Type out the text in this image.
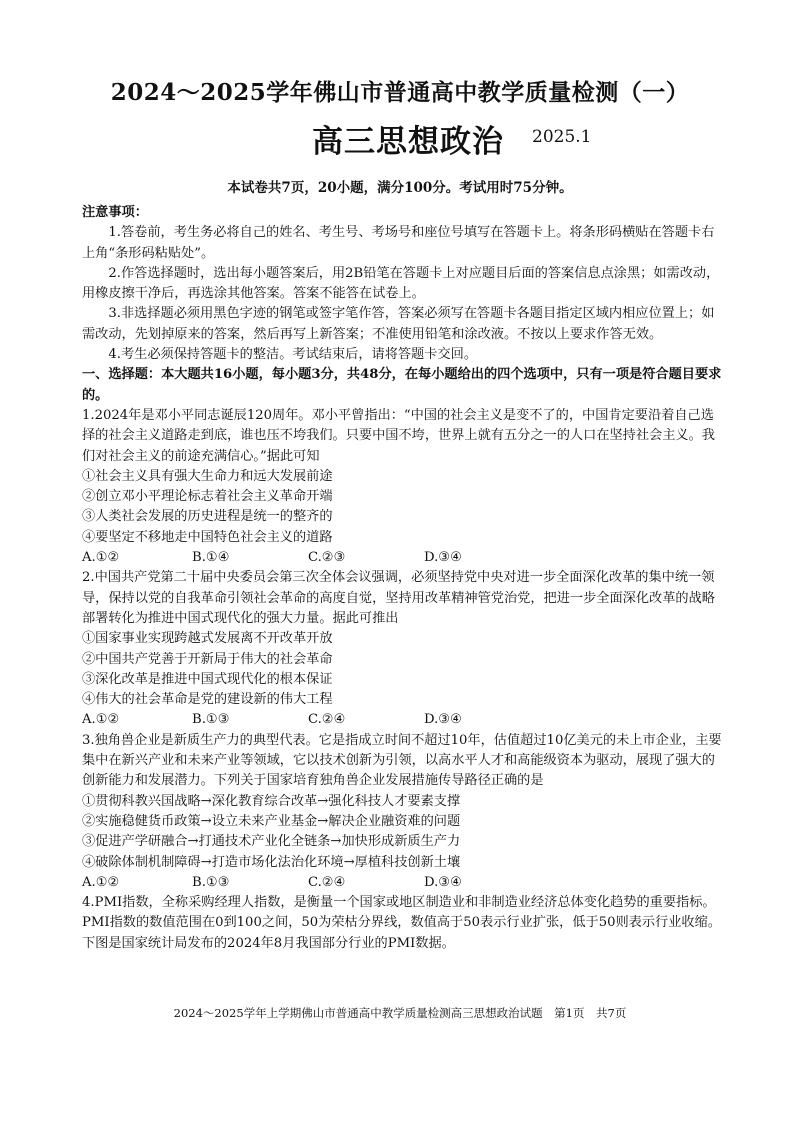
2024～2025学年佛山市普通高中教学质量检测（一）
高三思想政治 2025.1
本试卷共7页，20小题，满分100分。考试用时75分钟。

注意事项：

1.答卷前，考生务必将自己的姓名、考生号、考场号和座位号填写在答题卡上。将条形码横贴在答题卡右上角“条形码粘贴处”。

2.作答选择题时，选出每小题答案后，用2B铅笔在答题卡上对应题目后面的答案信息点涂黑；如需改动，用橡皮擦干净后，再选涂其他答案。答案不能答在试卷上。

3.非选择题必须用黑色字迹的钢笔或签字笔作答，答案必须写在答题卡各题目指定区域内相应位置上；如需改动，先划掉原来的答案，然后再写上新答案；不准使用铅笔和涂改液。不按以上要求作答无效。

4.考生必须保持答题卡的整洁。考试结束后，请将答题卡交回。

一、选择题：本大题共16小题，每小题3分，共48分，在每小题给出的四个选项中，只有一项是符合题目要求的。

1.2024年是邓小平同志诞辰120周年。邓小平曾指出：“中国的社会主义是变不了的，中国肯定要沿着自己选择的社会主义道路走到底，谁也压不垮我们。只要中国不垮，世界上就有五分之一的人口在坚持社会主义。我们对社会主义的前途充满信心。”据此可知

①社会主义具有强大生命力和远大发展前途

②创立邓小平理论标志着社会主义革命开端

③人类社会发展的历史进程是统一的整齐的

④要坚定不移地走中国特色社会主义的道路

A.①②	B.①④	C.②③	D.③④

2.中国共产党第二十届中央委员会第三次全体会议强调，必须坚持党中央对进一步全面深化改革的集中统一领导，保持以党的自我革命引领社会革命的高度自觉，坚持用改革精神管党治党，把进一步全面深化改革的战略部署转化为推进中国式现代化的强大力量。据此可推出

①国家事业实现跨越式发展离不开改革开放

②中国共产党善于开新局于伟大的社会革命

③深化改革是推进中国式现代化的根本保证

④伟大的社会革命是党的建设新的伟大工程

A.①②	B.①③	C.②④	D.③④

3.独角兽企业是新质生产力的典型代表。它是指成立时间不超过10年，估值超过10亿美元的未上市企业，主要集中在新兴产业和未来产业等领域，它以技术创新为引领，以高水平人才和高能级资本为驱动，展现了强大的创新能力和发展潜力。下列关于国家培育独角兽企业发展措施传导路径正确的是

①贯彻科教兴国战略→深化教育综合改革→强化科技人才要素支撑

②实施稳健货币政策→设立未来产业基金→解决企业融资难的问题

③促进产学研融合→打通技术产业化全链条→加快形成新质生产力

④破除体制机制障碍→打造市场化法治化环境→厚植科技创新土壤

A.①②	B.①③	C.②④	D.③④

4.PMI指数，全称采购经理人指数，是衡量一个国家或地区制造业和非制造业经济总体变化趋势的重要指标。PMI指数的数值范围在0到100之间，50为荣枯分界线，数值高于50表示行业扩张，低于50则表示行业收缩。下图是国家统计局发布的2024年8月我国部分行业的PMI数据。

2024～2025学年上学期佛山市普通高中教学质量检测高三思想政治试题　第1页　共7页
